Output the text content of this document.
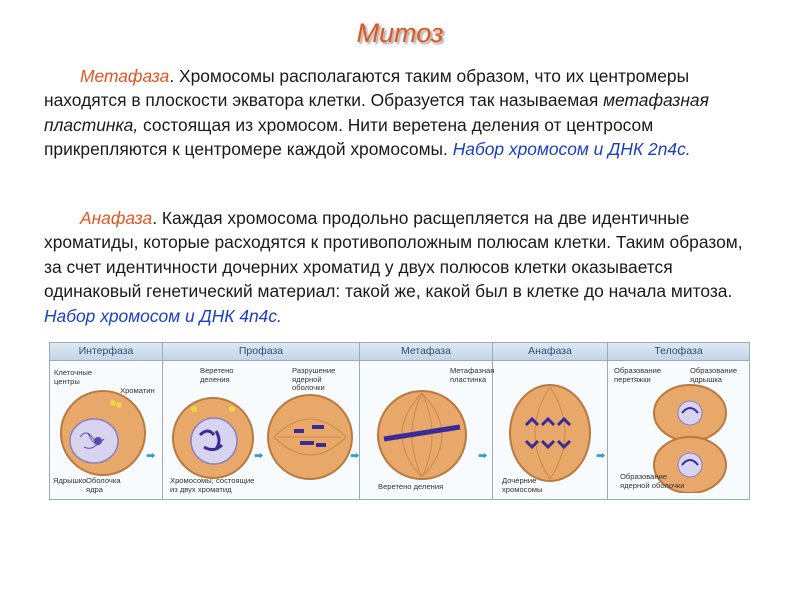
Митоз

Метафаза. Хромосомы располагаются таким образом, что их центромеры находятся в плоскости экватора клетки. Образуется так называемая метафазная пластинка, состоящая из хромосом. Нити веретена деления от центросом прикрепляются к центромере каждой хромосомы. Набор хромосом и ДНК 2n4c.

Анафаза. Каждая хромосома продольно расщепляется на две идентичные хроматиды, которые расходятся к противоположным полюсам клетки. Таким образом, за счет идентичности дочерних хроматид у двух полюсов клетки оказывается одинаковый генетический материал: такой же, какой был в клетке до начала митоза. Набор хромосом и ДНК 4n4c.

Интерфаза	Профаза	Метафаза	Анафаза	Телофаза
Клеточные
центры
Хроматин
Ядрышко Оболочка
ядра
➡
Веретено
деления
Разрушение
ядерной
оболочки
Хромосомы, состоящие
из двух хроматид
➡	➡
Метафазная
пластинка
Веретено деления
➡
Дочерние
хромосомы
➡
Образование
перетяжки
Образование
ядрышка
Образование
ядерной оболочки
